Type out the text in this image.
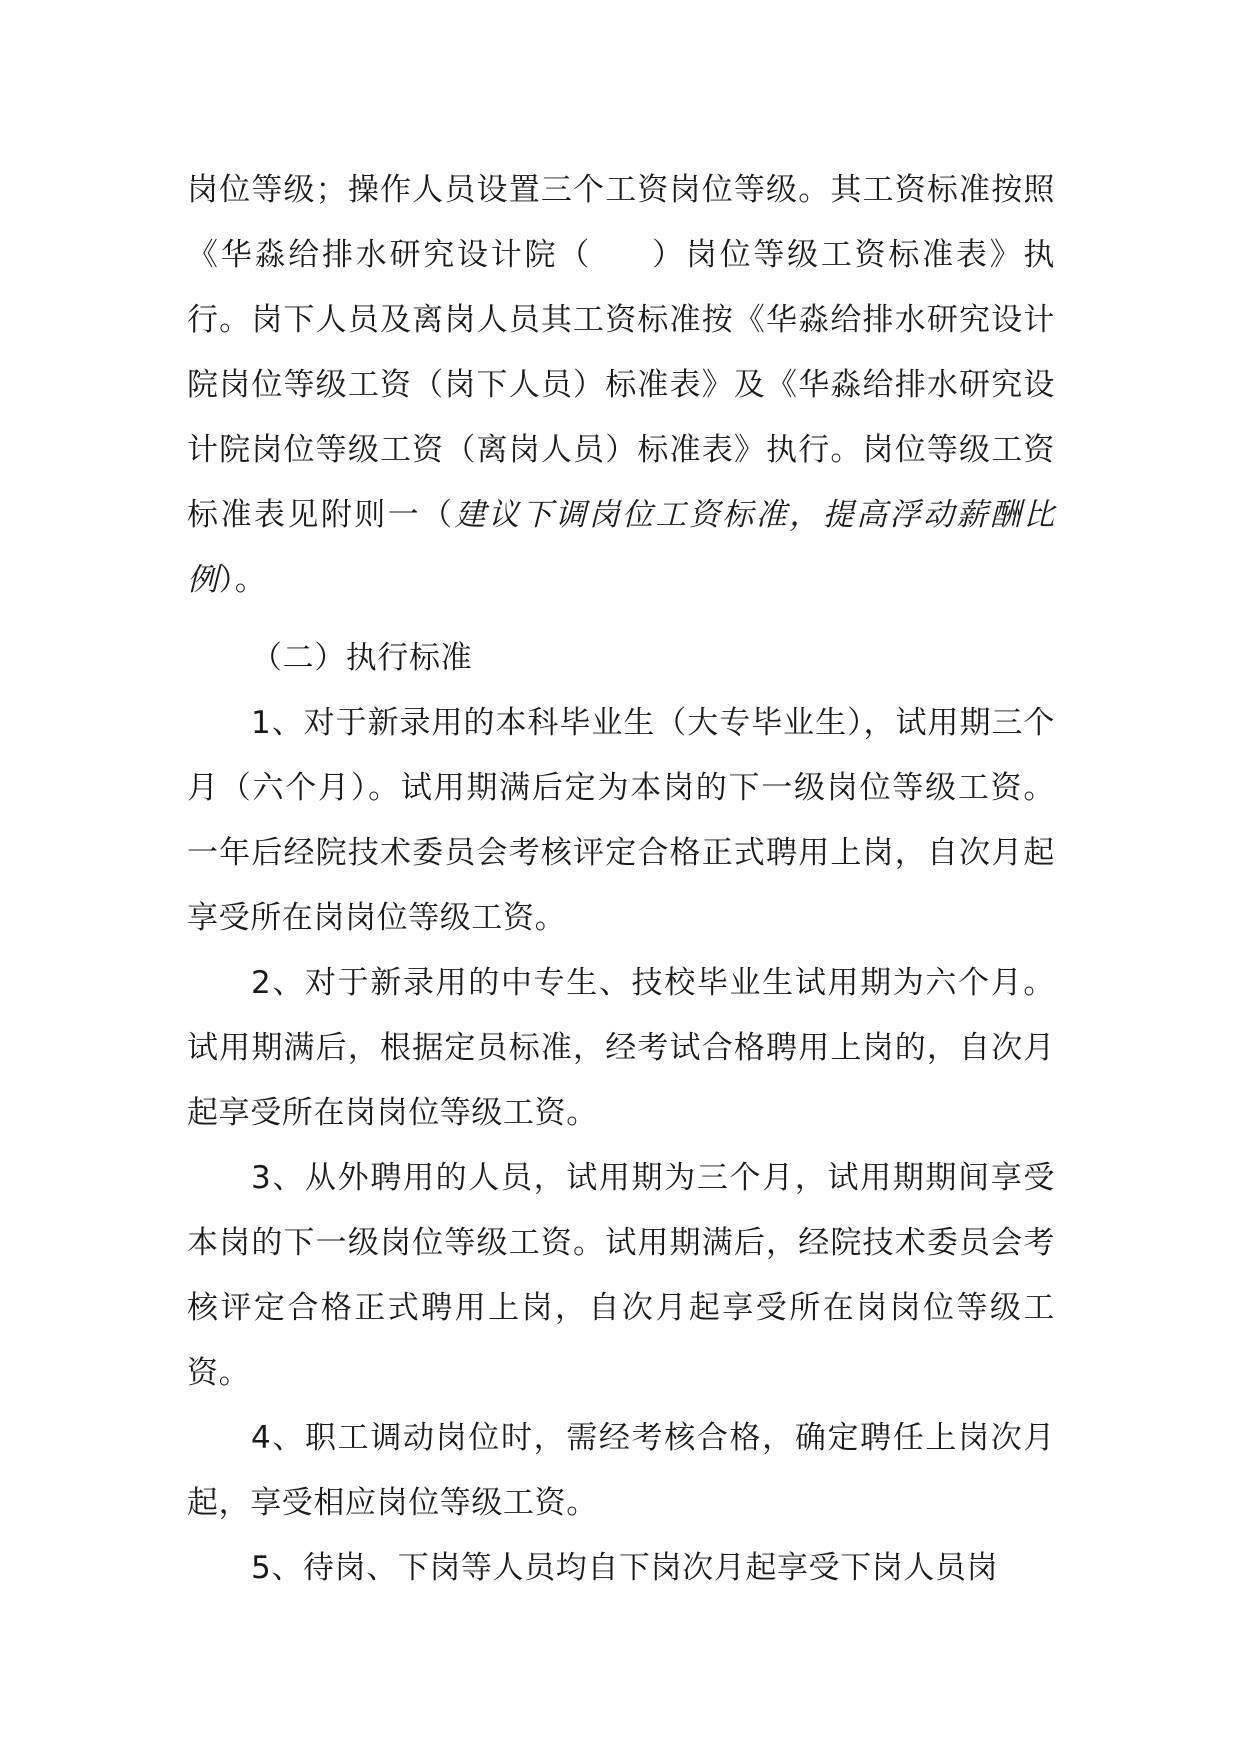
岗位等级；操作人员设置三个工资岗位等级。其工资标准按照《华淼给排水研究设计院（ ）岗位等级工资标准表》执行。岗下人员及离岗人员其工资标准按《华淼给排水研究设计院岗位等级工资（岗下人员）标准表》及《华淼给排水研究设计院岗位等级工资（离岗人员）标准表》执行。岗位等级工资标准表见附则一（建议下调岗位工资标准，提高浮动薪酬比例）。

（二）执行标准

1、对于新录用的本科毕业生（大专毕业生），试用期三个月（六个月）。试用期满后定为本岗的下一级岗位等级工资。一年后经院技术委员会考核评定合格正式聘用上岗，自次月起享受所在岗岗位等级工资。

2、对于新录用的中专生、技校毕业生试用期为六个月。试用期满后，根据定员标准，经考试合格聘用上岗的，自次月起享受所在岗岗位等级工资。

3、从外聘用的人员，试用期为三个月，试用期期间享受本岗的下一级岗位等级工资。试用期满后，经院技术委员会考核评定合格正式聘用上岗，自次月起享受所在岗岗位等级工资。

4、职工调动岗位时，需经考核合格，确定聘任上岗次月起，享受相应岗位等级工资。

5、待岗、下岗等人员均自下岗次月起享受下岗人员岗
